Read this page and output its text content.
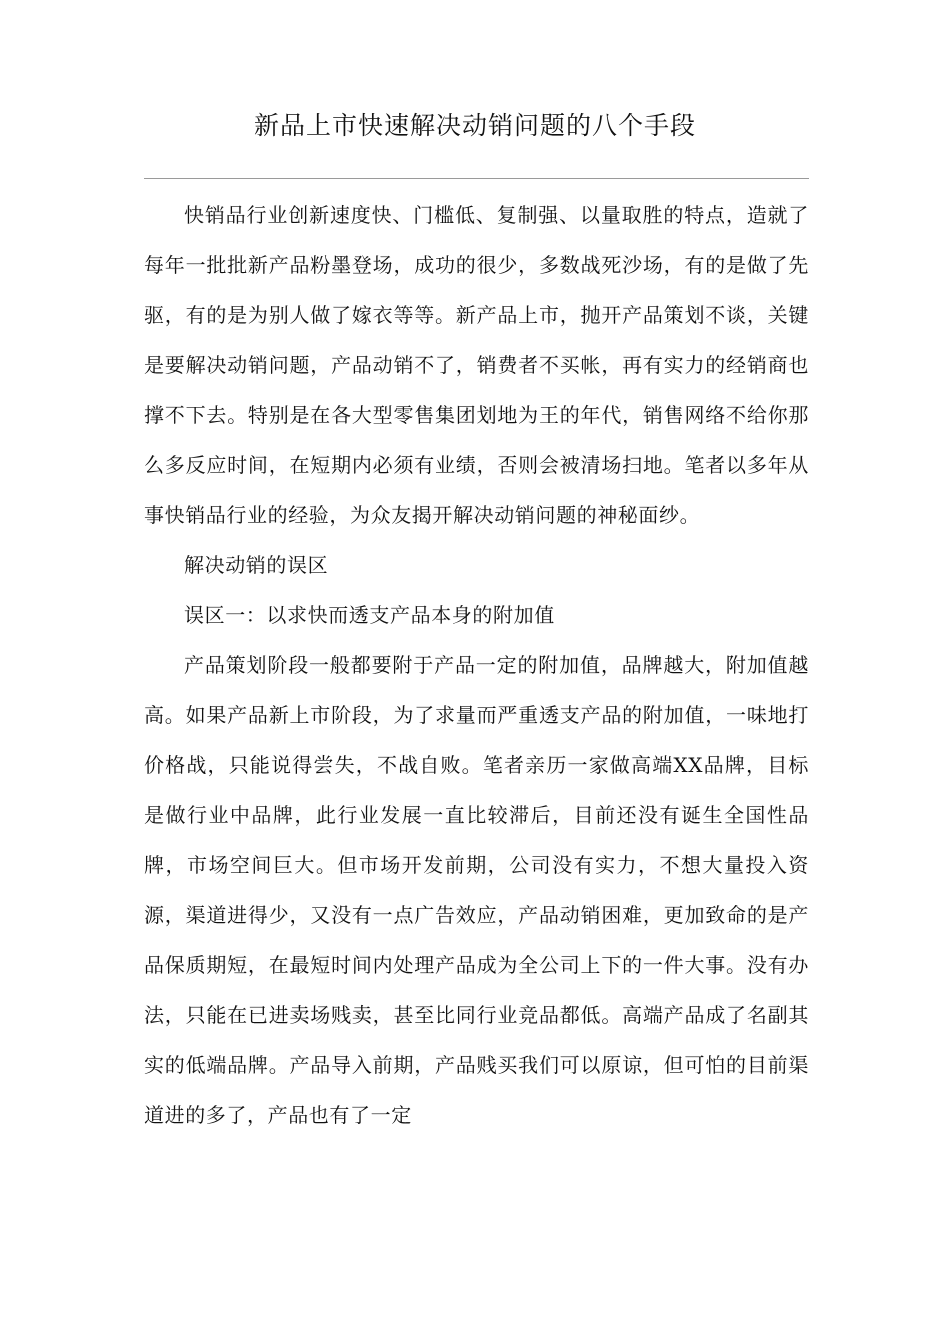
新品上市快速解决动销问题的八个手段

快销品行业创新速度快、门槛低、复制强、以量取胜的特点，造就了每年一批批新产品粉墨登场，成功的很少，多数战死沙场，有的是做了先驱，有的是为别人做了嫁衣等等。新产品上市，抛开产品策划不谈，关键是要解决动销问题，产品动销不了，销费者不买帐，再有实力的经销商也撑不下去。特别是在各大型零售集团划地为王的年代，销售网络不给你那么多反应时间，在短期内必须有业绩，否则会被清场扫地。笔者以多年从事快销品行业的经验，为众友揭开解决动销问题的神秘面纱。

解决动销的误区

误区一：以求快而透支产品本身的附加值

产品策划阶段一般都要附于产品一定的附加值，品牌越大，附加值越高。如果产品新上市阶段，为了求量而严重透支产品的附加值，一味地打价格战，只能说得尝失，不战自败。笔者亲历一家做高端XX品牌，目标是做行业中品牌，此行业发展一直比较滞后，目前还没有诞生全国性品牌，市场空间巨大。但市场开发前期，公司没有实力，不想大量投入资源，渠道进得少，又没有一点广告效应，产品动销困难，更加致命的是产品保质期短，在最短时间内处理产品成为全公司上下的一件大事。没有办法，只能在已进卖场贱卖，甚至比同行业竞品都低。高端产品成了名副其实的低端品牌。产品导入前期，产品贱买我们可以原谅，但可怕的目前渠道进的多了，产品也有了一定
